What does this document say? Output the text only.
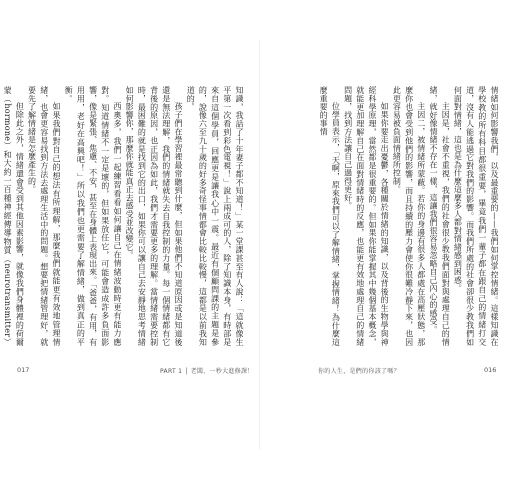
知識，我話了十年妻子都不知道！」某一堂課甚至有人說：「這就像生平第一次看到彩色電視！」說上兩成可的人，除了知識本身，有時部是來自這個學員，回應更是讓我心中一震。最近有個顧問課的主題是參的，說像六至九十歲的好多奇怪事情都會比較比較慢，這都是以前我知道的。

孩子們在學習裡最常聽到什麼，但如果他們不知道原因或是知道後還是無法理解，我們的情緒就失去自我控制的力量。每一個情緒都有它背後的原因，也正因為如此，我們才需要更多的理解。當情緒需要控制時，最困難的就是找到它的出口，如果你可以讓自己去安靜地思考情緒如何影響你，那麼你就能真正去感受並改變它。

西奧多，我們一起練習看看如何讓自己在情緒波動時更有能力應對。知道情緒不一定是壞的，但如果放任它，可能會造成許多負面影響，像是緊張、焦慮、不安，甚至在身體上表現出來。「爸爸，有用，有用用，老好在高興吧！」所以我們也更需要了解情緒，做到真正的平衡。

如果我們對自己的想法有所理解，那麼我們就能更有效地管理情緒，也會更容易找到方法去處理生活中的問題。想要把情緒管理好，就要先了解情緒是怎麼產生的。

但除此之外，情緒還會受到其他因素影響，就像我們身體裡的荷爾蒙（hormone）和大約一百種神經傳導物質（neurotransmitter）	情緒如何影響我們，以及最重要的——我們如何掌控情緒。這樣知識在學校教的所有科目都很重要，畢竟我們一輩子都在跟自己的情緒打交道，沒有人能逃過它對我們的影響。而我們所處的社會卻很少教我們如何面對情緒，這也是為什麼這麼多人都對情緒感到困惑。

主因是，社會不重視，我們的社會很少教我們面對與處理自己的情緒，就好像情緒不存在一樣，這讓我們很容易忽略自己內心的感受。

主因二，被情緒所蒙蔽。若你的身邊有很多人都處在高壓狀態，那麼你也會受到他們的影響，而且持續的壓力會使你很難冷靜下來，也因此更容易被負面情緒所控制。

如果你要走出憂鬱，各種關於情緒的知識，以及背後的生物學與神經科學原理，當然都是很重要的。但如果你能掌握其中幾個基本概念，就能更加理解自己在面對情緒時的反應，也能更有效地處理自己的情緒問題，找到方法讓自己過得更好。

位學員表示，「天啊，原來我們可以了解情緒，掌握情緒！為什麼這麼重要的事情

017	PART 1 │ 老闆、一秒大進修課！	你的人生，是們的你該了嗎？	016
